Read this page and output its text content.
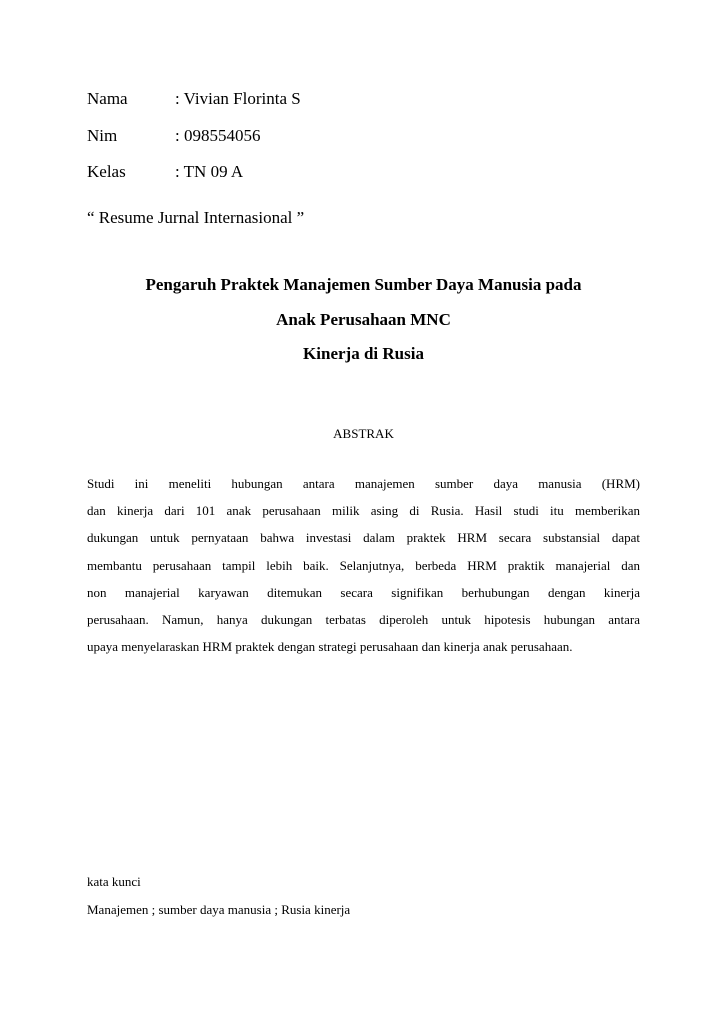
Nama	: Vivian Florinta S
Nim	: 098554056
Kelas	: TN 09 A
“ Resume Jurnal Internasional ”
Pengaruh Praktek Manajemen Sumber Daya Manusia pada
Anak Perusahaan MNC
Kinerja di Rusia
ABSTRAK
Studi ini meneliti hubungan antara manajemen sumber daya manusia (HRM)
dan kinerja dari 101 anak perusahaan milik asing di Rusia. Hasil studi itu memberikan
dukungan untuk pernyataan bahwa investasi dalam praktek HRM secara substansial dapat
membantu perusahaan tampil lebih baik. Selanjutnya, berbeda HRM praktik manajerial dan
non manajerial karyawan ditemukan secara signifikan berhubungan dengan kinerja
perusahaan. Namun, hanya dukungan terbatas diperoleh untuk hipotesis hubungan antara
upaya menyelaraskan HRM praktek dengan strategi perusahaan dan kinerja anak perusahaan.
kata kunci
Manajemen ; sumber daya manusia ; Rusia kinerja
